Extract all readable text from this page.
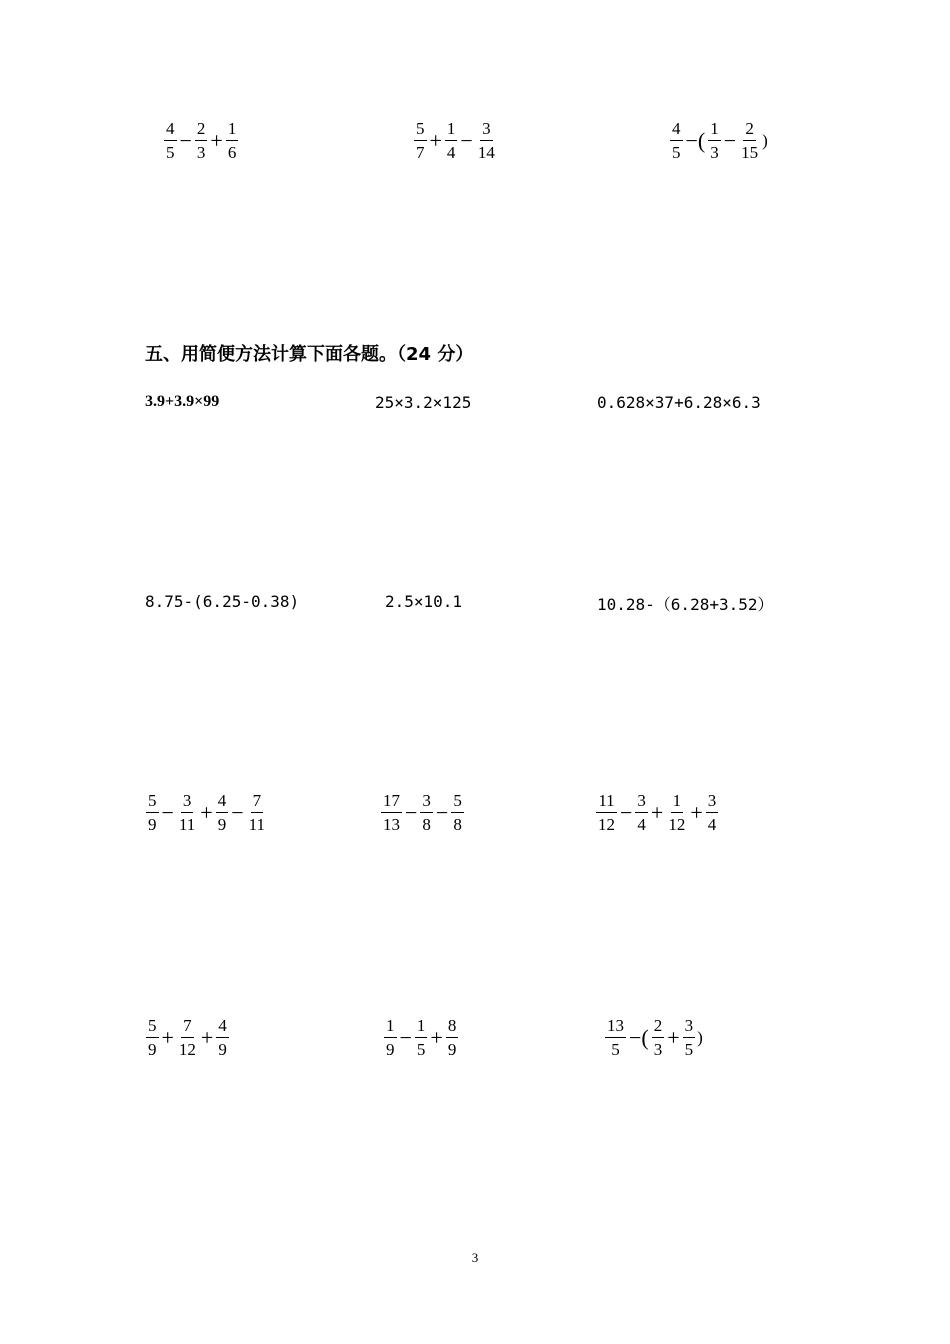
$\frac{4}{5} - \frac{2}{3} + \frac{1}{6}$	$\frac{5}{7} + \frac{1}{4} - \frac{3}{14}$	$\frac{4}{5}$ −( $\frac{1}{3} - \frac{2}{15}$ )
五、用简便方法计算下面各题。（24 分）
3.9+3.9×99	25×3.2×125	0.628×37+6.28×6.3
8.75-(6.25-0.38)	2.5×10.1	10.28-（6.28+3.52）
$\frac{5}{9} - \frac{3}{11} + \frac{4}{9} - \frac{7}{11}$	$\frac{17}{13} - \frac{3}{8} - \frac{5}{8}$	$\frac{11}{12} - \frac{3}{4} + \frac{1}{12} + \frac{3}{4}$
$\frac{5}{9} + \frac{7}{12} + \frac{4}{9}$	$\frac{1}{9} - \frac{1}{5} + \frac{8}{9}$	$\frac{13}{5}$ −( $\frac{2}{3} + \frac{3}{5}$ )
3
